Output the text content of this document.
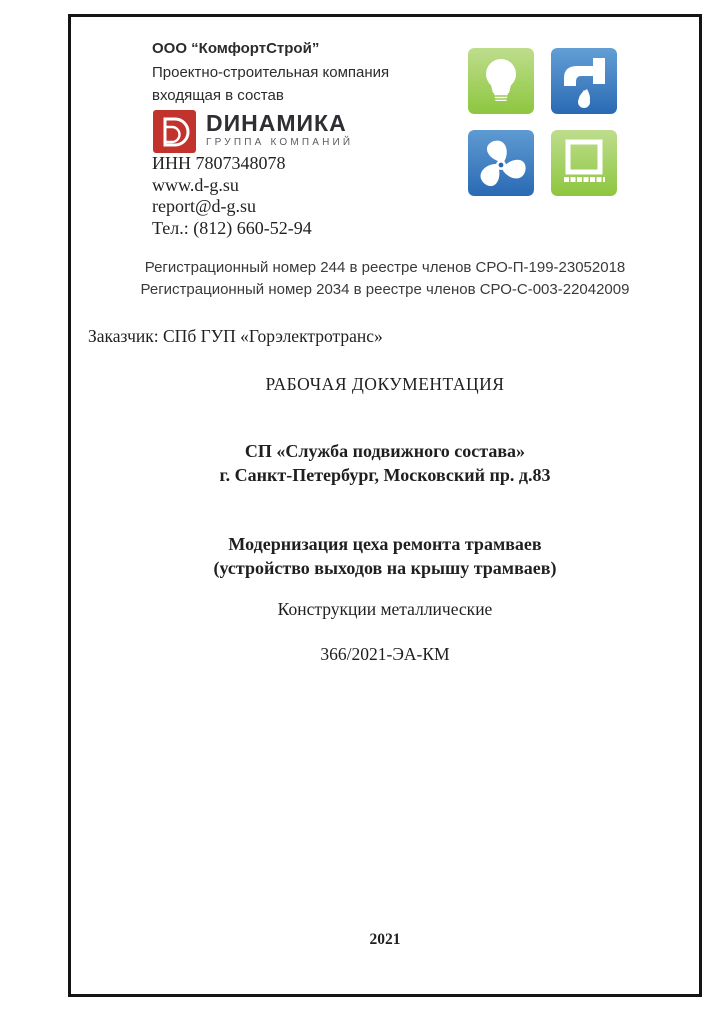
ООО “КомфортСтрой”
Проектно-строительная компания
входящая в состав
DИНАМИКА
ГРУППА КОМПАНИЙ
ИНН 7807348078
www.d-g.su
report@d-g.su
Тел.: (812) 660-52-94
Регистрационный номер 244 в реестре членов СРО-П-199-23052018
Регистрационный номер 2034 в реестре членов СРО-С-003-22042009
Заказчик: СПб ГУП «Горэлектротранс»
РАБОЧАЯ ДОКУМЕНТАЦИЯ
СП «Служба подвижного состава»
г. Санкт-Петербург, Московский пр. д.83
Модернизация цеха ремонта трамваев
(устройство выходов на крышу трамваев)
Конструкции металлические
366/2021-ЭА-КМ
2021
